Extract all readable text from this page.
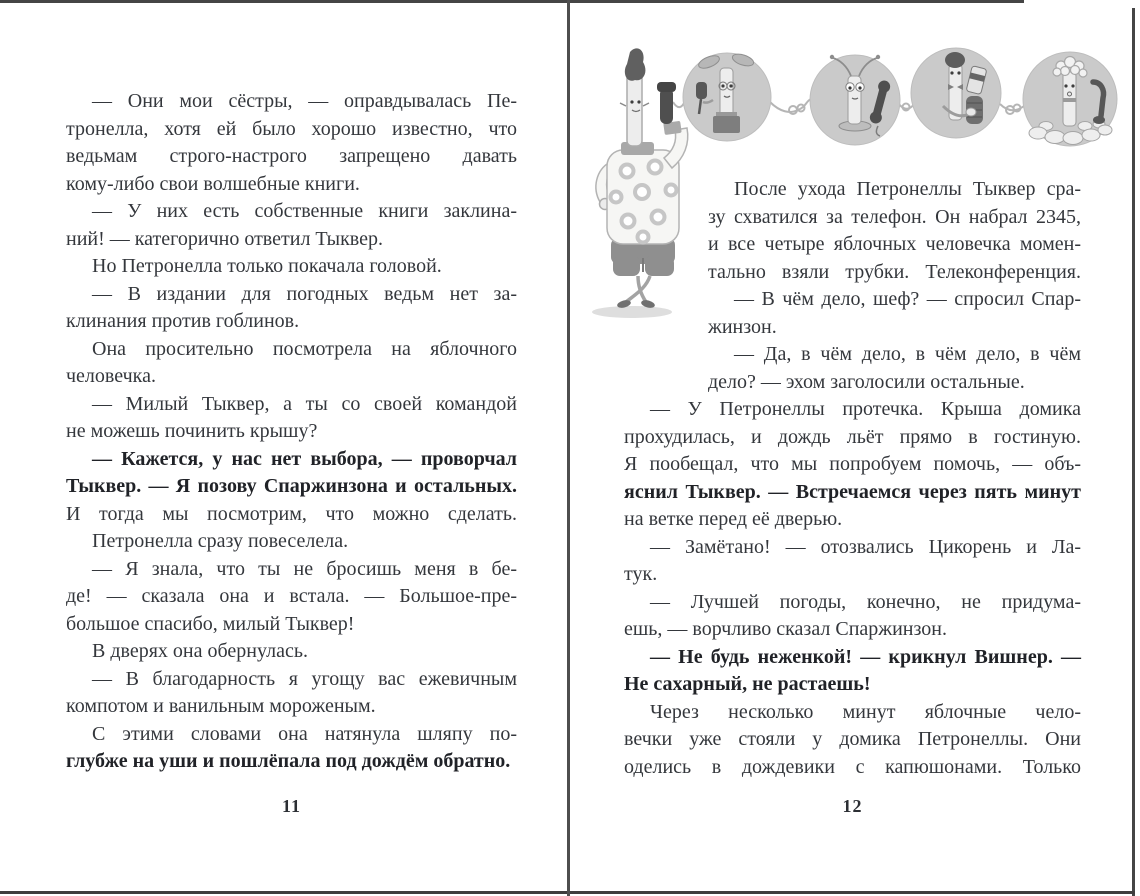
— Они мои сёстры, — оправдывалась Пе-
тронелла, хотя ей было хорошо известно, что
ведьмам строго-настрого запрещено давать
кому-либо свои волшебные книги.
— У них есть собственные книги заклина-
ний! — категорично ответил Тыквер.
Но Петронелла только покачала головой.
— В издании для погодных ведьм нет за-
клинания против гоблинов.
Она просительно посмотрела на яблочного
человечка.
— Милый Тыквер, а ты со своей командой
не можешь починить крышу?
— Кажется, у нас нет выбора, — проворчал
Тыквер. — Я позову Спаржинзона и остальных.
И тогда мы посмотрим, что можно сделать.
Петронелла сразу повеселела.
— Я знала, что ты не бросишь меня в бе-
де! — сказала она и встала. — Большое-пре-
большое спасибо, милый Тыквер!
В дверях она обернулась.
— В благодарность я угощу вас ежевичным
компотом и ванильным мороженым.
С этими словами она натянула шляпу по-
глубже на уши и пошлёпала под дождём обратно.
11
После ухода Петронеллы Тыквер сра-
зу схватился за телефон. Он набрал 2345,
и все четыре яблочных человечка момен-
тально взяли трубки. Телеконференция.
— В чём дело, шеф? — спросил Спар-
жинзон.
— Да, в чём дело, в чём дело, в чём
дело? — эхом заголосили остальные.
— У Петронеллы протечка. Крыша домика
прохудилась, и дождь льёт прямо в гостиную.
Я пообещал, что мы попробуем помочь, — объ-
яснил Тыквер. — Встречаемся через пять минут
на ветке перед её дверью.
— Замётано! — отозвались Цикорень и Ла-
тук.
— Лучшей погоды, конечно, не придума-
ешь, — ворчливо сказал Спаржинзон.
— Не будь неженкой! — крикнул Вишнер. —
Не сахарный, не растаешь!
Через несколько минут яблочные чело-
вечки уже стояли у домика Петронеллы. Они
оделись в дождевики с капюшонами. Только
12
